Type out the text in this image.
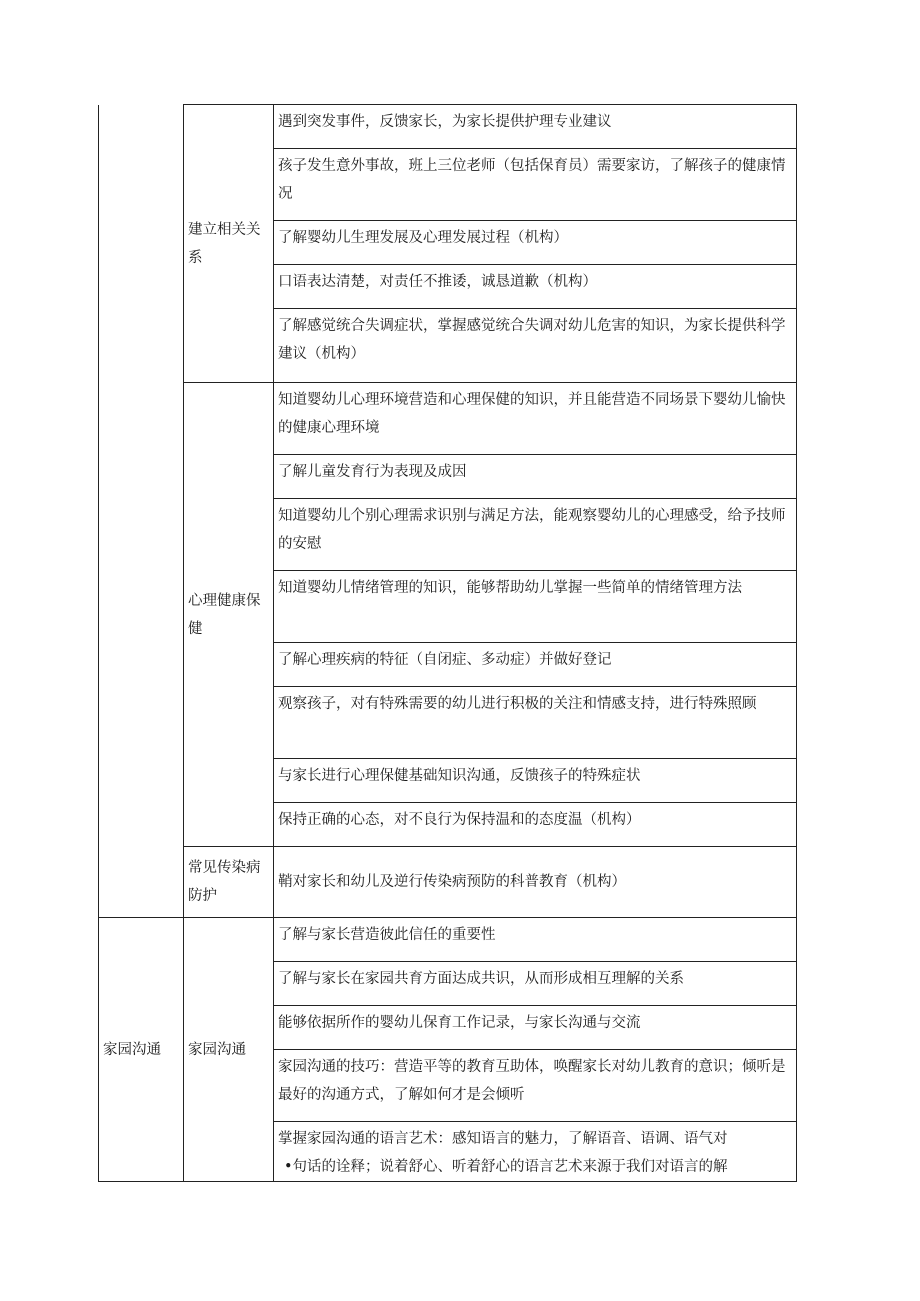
	建立相关关系	遇到突发事件，反馈家长，为家长提供护理专业建议
		孩子发生意外事故，班上三位老师（包括保育员）需要家访，了解孩子的健康情况
		了解婴幼儿生理发展及心理发展过程（机构）
		口语表达清楚，对责任不推诿，诚恳道歉（机构）
		了解感觉统合失调症状，掌握感觉统合失调对幼儿危害的知识，为家长提供科学建议（机构）
	心理健康保健	知道婴幼儿心理环境营造和心理保健的知识，并且能营造不同场景下婴幼儿愉快的健康心理环境
		了解儿童发育行为表现及成因
		知道婴幼儿个别心理需求识别与满足方法，能观察婴幼儿的心理感受，给予技师的安慰
		知道婴幼儿情绪管理的知识，能够帮助幼儿掌握一些简单的情绪管理方法
		了解心理疾病的特征（自闭症、多动症）并做好登记
		观察孩子，对有特殊需要的幼儿进行积极的关注和情感支持，进行特殊照顾
		与家长进行心理保健基础知识沟通，反馈孩子的特殊症状
		保持正确的心态，对不良行为保持温和的态度温（机构）
	常见传染病防护	鞘对家长和幼儿及逆行传染病预防的科普教育（机构）
家园沟通	家园沟通	了解与家长营造彼此信任的重要性
		了解与家长在家园共育方面达成共识，从而形成相互理解的关系
		能够依据所作的婴幼儿保育工作记录，与家长沟通与交流
		家园沟通的技巧：营造平等的教育互助体，唤醒家长对幼儿教育的意识；倾听是最好的沟通方式，了解如何才是会倾听
		掌握家园沟通的语言艺术：感知语言的魅力，了解语音、语调、语气对
•句话的诠释；说着舒心、听着舒心的语言艺术来源于我们对语言的解
